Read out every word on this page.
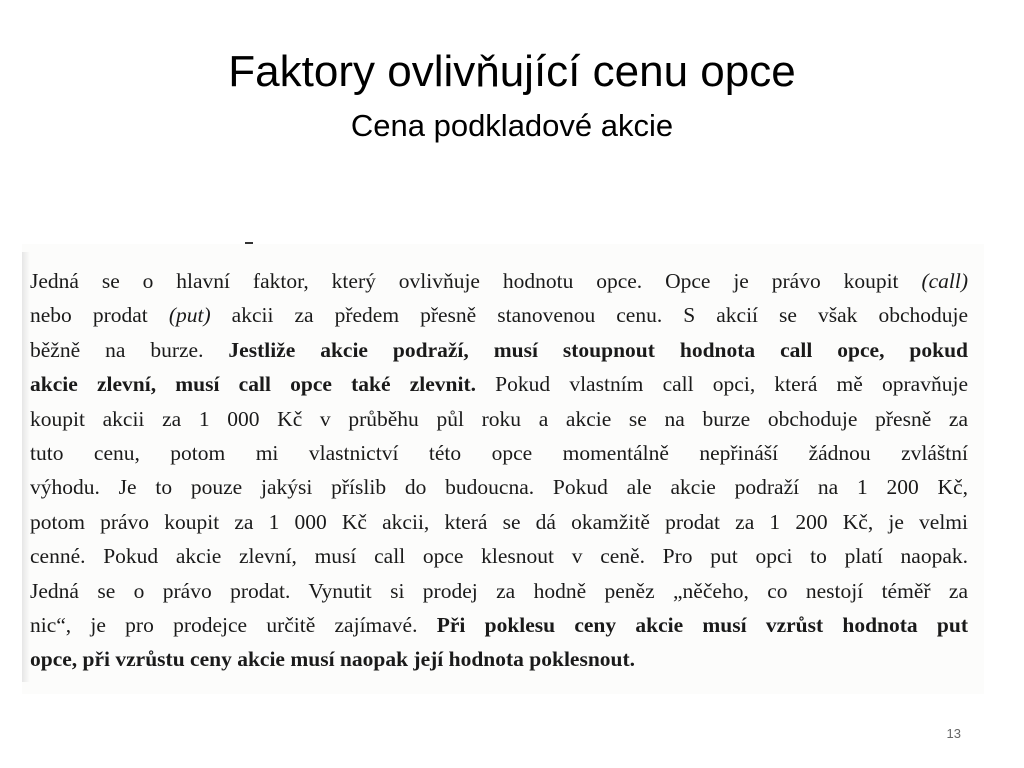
Faktory ovlivňující cenu opce
Cena podkladové akcie
Jedná se o hlavní faktor, který ovlivňuje hodnotu opce. Opce je právo koupit (call)
nebo prodat (put) akcii za předem přesně stanovenou cenu. S akcií se však obchoduje
běžně na burze. Jestliže akcie podraží, musí stoupnout hodnota call opce, pokud
akcie zlevní, musí call opce také zlevnit. Pokud vlastním call opci, která mě opravňuje
koupit akcii za 1 000 Kč v průběhu půl roku a akcie se na burze obchoduje přesně za
tuto cenu, potom mi vlastnictví této opce momentálně nepřináší žádnou zvláštní
výhodu. Je to pouze jakýsi příslib do budoucna. Pokud ale akcie podraží na 1 200 Kč,
potom právo koupit za 1 000 Kč akcii, která se dá okamžitě prodat za 1 200 Kč, je velmi
cenné. Pokud akcie zlevní, musí call opce klesnout v ceně. Pro put opci to platí naopak.
Jedná se o právo prodat. Vynutit si prodej za hodně peněz „něčeho, co nestojí téměř za
nic“, je pro prodejce určitě zajímavé. Při poklesu ceny akcie musí vzrůst hodnota put
opce, při vzrůstu ceny akcie musí naopak její hodnota poklesnout.
13
